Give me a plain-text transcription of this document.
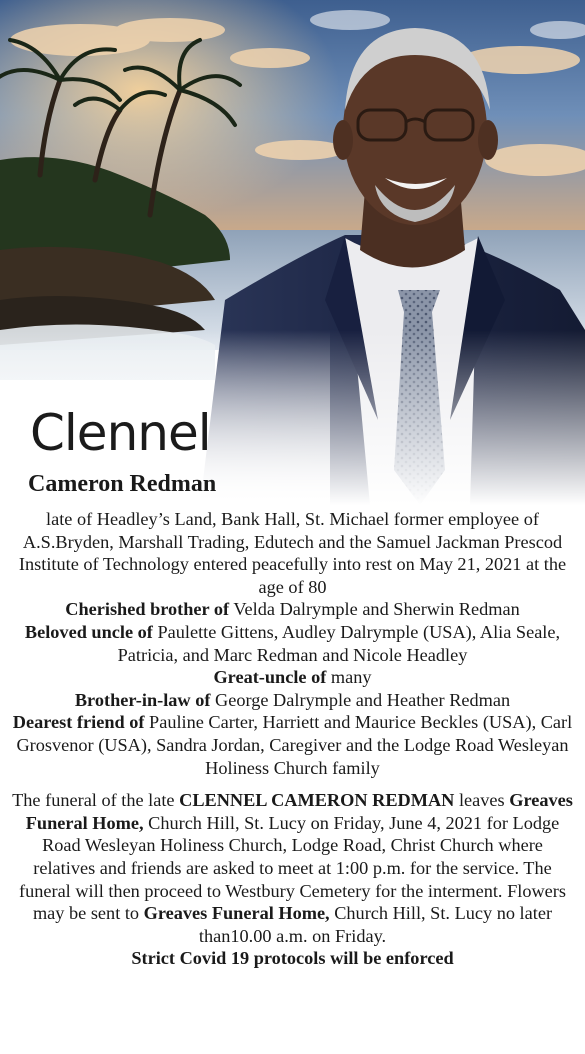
Clennel
Cameron Redman

late of Headley’s Land, Bank Hall, St. Michael former employee of A.S.Bryden, Marshall Trading, Edutech and the Samuel Jackman Prescod Institute of Technology entered peacefully into rest on May 21, 2021 at the age of 80

Cherished brother of Velda Dalrymple and Sherwin Redman

Beloved uncle of Paulette Gittens, Audley Dalrymple (USA), Alia Seale, Patricia, and Marc Redman and Nicole Headley

Great-uncle of many

Brother-in-law of George Dalrymple and Heather Redman

Dearest friend of Pauline Carter, Harriett and Maurice Beckles (USA), Carl Grosvenor (USA), Sandra Jordan, Caregiver and the Lodge Road Wesleyan Holiness Church family

The funeral of the late CLENNEL CAMERON REDMAN leaves Greaves Funeral Home, Church Hill, St. Lucy on Friday, June 4, 2021 for Lodge Road Wesleyan Holiness Church, Lodge Road, Christ Church where relatives and friends are asked to meet at 1:00 p.m. for the service. The funeral will then proceed to Westbury Cemetery for the interment. Flowers may be sent to Greaves Funeral Home, Church Hill, St. Lucy no later than10.00 a.m. on Friday.

Strict Covid 19 protocols will be enforced
